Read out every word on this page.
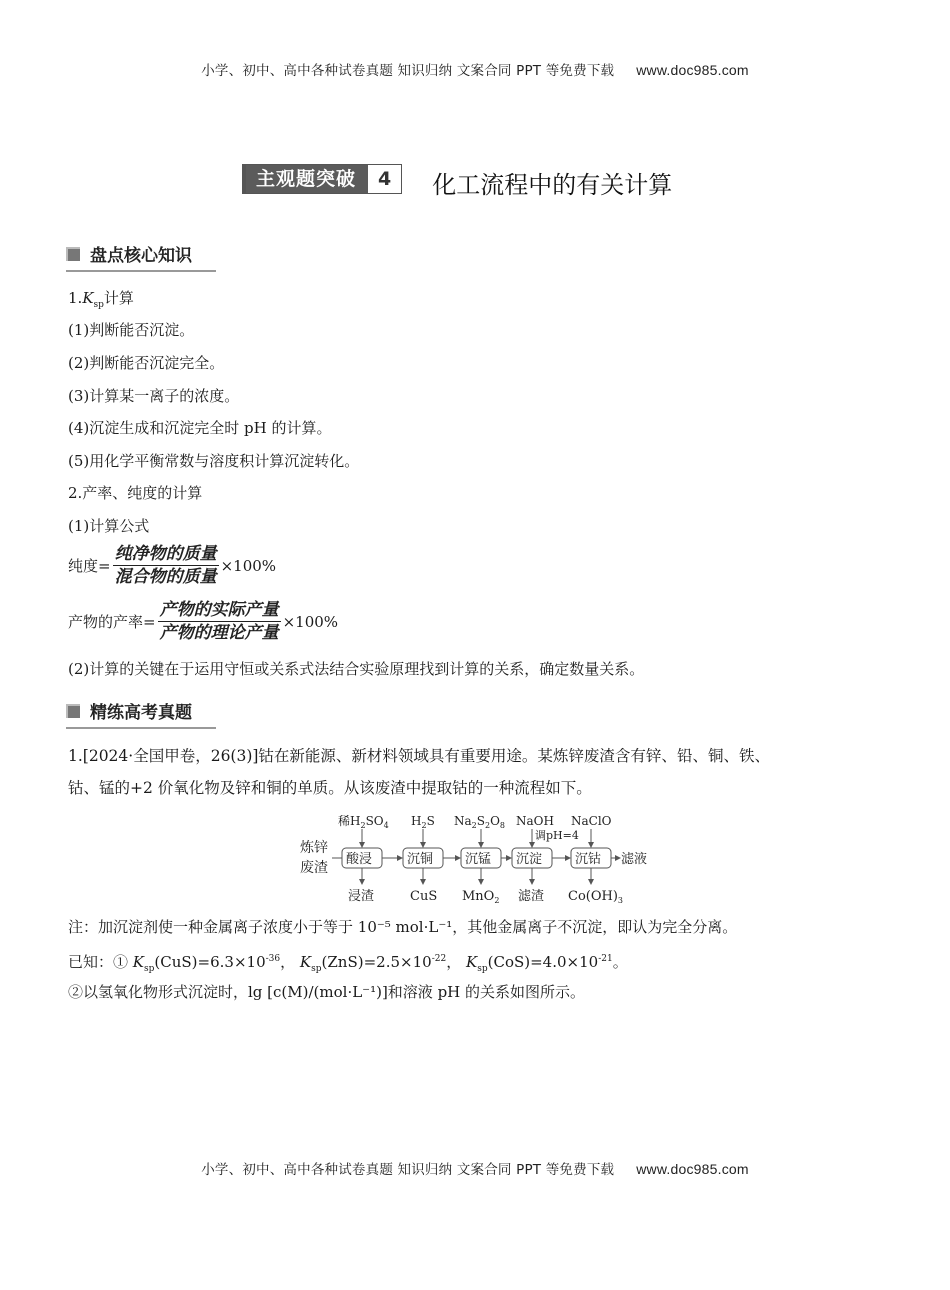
小学、初中、高中各种试卷真题 知识归纳 文案合同 PPT 等免费下载 www.doc985.com
主观题突破	4	化工流程中的有关计算
盘点核心知识
$1.K_{sp}$计算
(1)判断能否沉淀。
(2)判断能否沉淀完全。
(3)计算某一离子的浓度。
(4)沉淀生成和沉淀完全时 pH 的计算。
(5)用化学平衡常数与溶度积计算沉淀转化。
2.产率、纯度的计算
(1)计算公式
纯度= $\frac{\text{纯净物的质量}}{\text{混合物的质量}} \times 100\%$
产物的产率= $\frac{\text{产物的实际产量}}{\text{产物的理论产量}} \times 100\%$
(2)计算的关键在于运用守恒或关系式法结合实验原理找到计算的关系，确定数量关系。
精练高考真题
1.[2024·全国甲卷，26(3)]钴在新能源、新材料领域具有重要用途。某炼锌废渣含有锌、铅、铜、铁、
钴、锰的+2 价氧化物及锌和铜的单质。从该废渣中提取钴的一种流程如下。
炼锌
废渣
酸浸	沉铜 沉锰 沉淀	沉钴 滤液
稀$H_2SO_4$ $H_2S$ $Na_2S_2O_8$ NaOH
调pH=4
NaClO
浸渣	CuS MnO$_2$ 滤渣 $Co(OH)_3$
注：加沉淀剂使一种金属离子浓度小于等于 10⁻⁵ mol·L⁻¹，其他金属离子不沉淀，即认为完全分离。
已知：① $K_{sp}(CuS)=6.3\times 10^{-36}$， $K_{sp}(ZnS)=2.5\times 10^{-22}$， $K_{sp}(CoS)=4.0\times 10^{-21}$。
②以氢氧化物形式沉淀时，lg [c(M)/(mol·L⁻¹)]和溶液 pH 的关系如图所示。
小学、初中、高中各种试卷真题 知识归纳 文案合同 PPT 等免费下载 www.doc985.com
